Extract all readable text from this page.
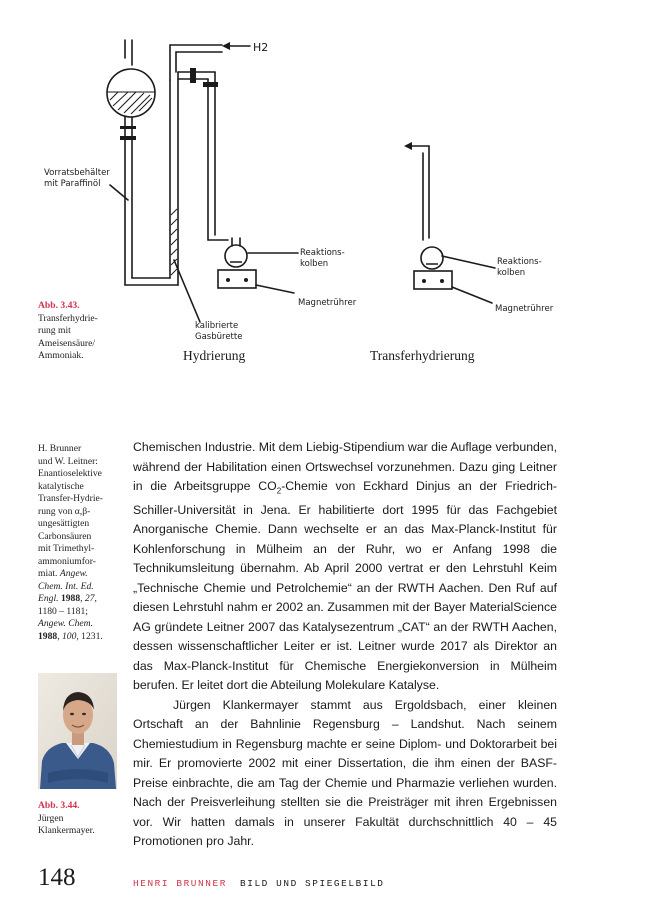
H2
Vorratsbehälter
mit Paraffinöl
Reaktions-
kolben
Magnetrührer
kalibrierte
Gasbürette
Reaktions-
kolben
Magnetrührer
Hydrierung	Transferhydrierung
Abb. 3.43.
Transferhydrie-
rung mit
Ameisensäure/
Ammoniak.
H. Brunner
und W. Leitner:
Enantioselektive
katalytische
Transfer-Hydrie-
rung von α,β-
ungesättigten
Carbonsäuren
mit Trimethyl-
ammoniumfor-
miat. Angew.
Chem. Int. Ed.
Engl. 1988, 27,
1180 – 1181;
Angew. Chem.
1988, 100, 1231.
Abb. 3.44.
Jürgen
Klankermayer.

Chemischen Industrie. Mit dem Liebig-Stipendium war die Auflage verbunden, während der Habilitation einen Ortswechsel vorzunehmen. Dazu ging Leitner in die Arbeitsgruppe $CO_2$-Chemie von Eckhard Dinjus an der Friedrich-Schiller-Universität in Jena. Er habilitierte dort 1995 für das Fachgebiet Anorganische Chemie. Dann wechselte er an das Max-Planck-Institut für Kohlenforschung in Mülheim an der Ruhr, wo er Anfang 1998 die Technikumsleitung übernahm. Ab April 2000 vertrat er den Lehrstuhl Keim „Technische Chemie und Petrolchemie“ an der RWTH Aachen. Den Ruf auf diesen Lehrstuhl nahm er 2002 an. Zusammen mit der Bayer MaterialScience AG gründete Leitner 2007 das Katalysezentrum „CAT“ an der RWTH Aachen, dessen wissenschaftlicher Leiter er ist. Leitner wurde 2017 als Direktor an das Max-Planck-Institut für Chemische Energiekonversion in Mülheim berufen. Er leitet dort die Abteilung Molekulare Katalyse.

Jürgen Klankermayer stammt aus Ergoldsbach, einer kleinen Ortschaft an der Bahnlinie Regensburg – Landshut. Nach seinem Chemiestudium in Regensburg machte er seine Diplom- und Doktorarbeit bei mir. Er promovierte 2002 mit einer Dissertation, die ihm einen der BASF-Preise einbrachte, die am Tag der Chemie und Pharmazie verliehen wurden. Nach der Preisverleihung stellten sie die Preisträger mit ihren Ergebnissen vor. Wir hatten damals in unserer Fakultät durchschnittlich 40 – 45 Promotionen pro Jahr.

148	HENRI BRUNNER BILD UND SPIEGELBILD
